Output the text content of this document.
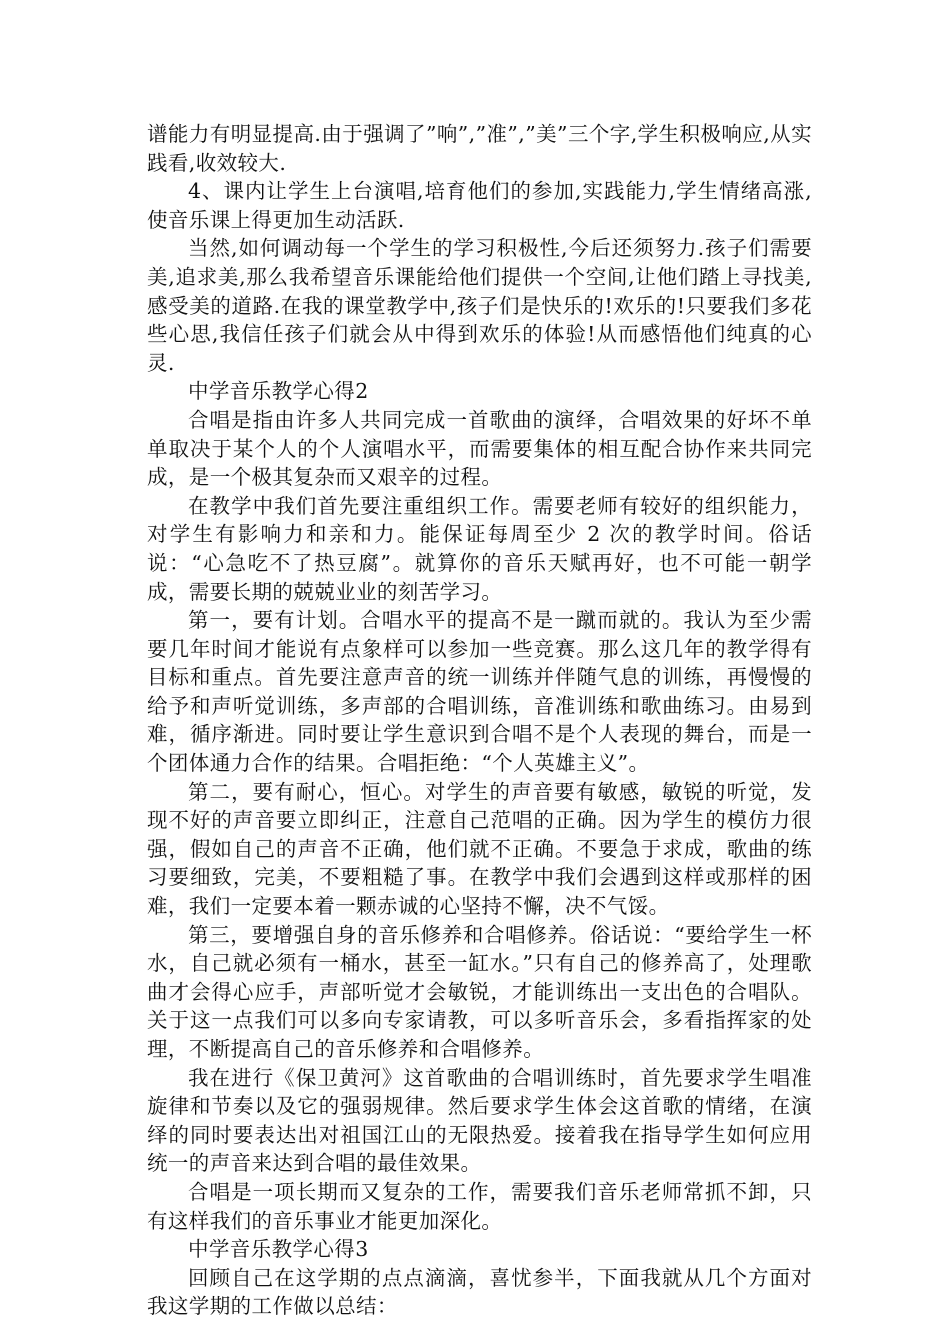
谱能力有明显提高.由于强调了”响”,”准”,”美”三个字,学生积极响应,从实践看,收效较大.

4、课内让学生上台演唱,培育他们的参加,实践能力,学生情绪高涨,使音乐课上得更加生动活跃.

当然,如何调动每一个学生的学习积极性,今后还须努力.孩子们需要美,追求美,那么我希望音乐课能给他们提供一个空间,让他们踏上寻找美,感受美的道路.在我的课堂教学中,孩子们是快乐的!欢乐的!只要我们多花些心思,我信任孩子们就会从中得到欢乐的体验!从而感悟他们纯真的心灵.

中学音乐教学心得2

合唱是指由许多人共同完成一首歌曲的演绎，合唱效果的好坏不单单取决于某个人的个人演唱水平，而需要集体的相互配合协作来共同完成，是一个极其复杂而又艰辛的过程。

在教学中我们首先要注重组织工作。需要老师有较好的组织能力，对学生有影响力和亲和力。能保证每周至少 2 次的教学时间。俗话说：“心急吃不了热豆腐”。就算你的音乐天赋再好，也不可能一朝学成，需要长期的兢兢业业的刻苦学习。

第一，要有计划。合唱水平的提高不是一蹴而就的。我认为至少需要几年时间才能说有点象样可以参加一些竞赛。那么这几年的教学得有目标和重点。首先要注意声音的统一训练并伴随气息的训练，再慢慢的给予和声听觉训练，多声部的合唱训练，音准训练和歌曲练习。由易到难，循序渐进。同时要让学生意识到合唱不是个人表现的舞台，而是一个团体通力合作的结果。合唱拒绝：“个人英雄主义”。

第二，要有耐心，恒心。对学生的声音要有敏感，敏锐的听觉，发现不好的声音要立即纠正，注意自己范唱的正确。因为学生的模仿力很强，假如自己的声音不正确，他们就不正确。不要急于求成，歌曲的练习要细致，完美，不要粗糙了事。在教学中我们会遇到这样或那样的困难，我们一定要本着一颗赤诚的心坚持不懈，决不气馁。

第三，要增强自身的音乐修养和合唱修养。俗话说：“要给学生一杯水，自己就必须有一桶水，甚至一缸水。”只有自己的修养高了，处理歌曲才会得心应手，声部听觉才会敏锐，才能训练出一支出色的合唱队。关于这一点我们可以多向专家请教，可以多听音乐会，多看指挥家的处理，不断提高自己的音乐修养和合唱修养。

我在进行《保卫黄河》这首歌曲的合唱训练时，首先要求学生唱准旋律和节奏以及它的强弱规律。然后要求学生体会这首歌的情绪，在演绎的同时要表达出对祖国江山的无限热爱。接着我在指导学生如何应用统一的声音来达到合唱的最佳效果。

合唱是一项长期而又复杂的工作，需要我们音乐老师常抓不卸，只有这样我们的音乐事业才能更加深化。

中学音乐教学心得3

回顾自己在这学期的点点滴滴，喜忧参半，下面我就从几个方面对我这学期的工作做以总结：
